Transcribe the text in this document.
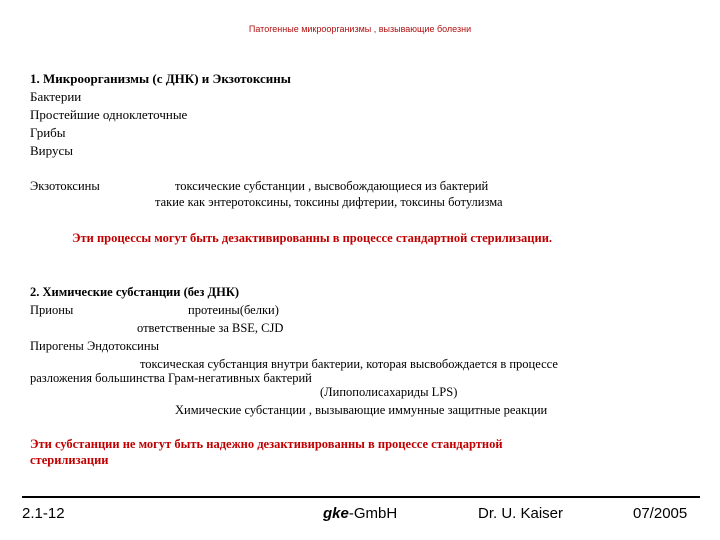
Патогенные микроорганизмы , вызывающие болезни
1. Микроорганизмы (с ДНК) и Экзотоксины
Бактерии
Простейшие одноклеточные
Грибы
Вирусы
Экзотоксины	токсические субстанции , высвобождающиеся из бактерий
такие как энтеротоксины, токсины дифтерии, токсины ботулизма
Эти процессы могут быть дезактивированны в процессе стандартной стерилизации.
2. Химические субстанции (без ДНК)
Прионы	протеины(белки)
ответственные за BSE, CJD
Пирогены Эндотоксины
токсическая субстанция внутри бактерии, которая высвобождается в процессе
разложения большинства Грам-негативных бактерий
(Липополисахариды LPS)
Химические субстанции , вызывающие иммунные защитные реакции
Эти субстанции не могут быть надежно дезактивированны в процессе стандартной
стерилизации
2.1-12	gke-GmbH	Dr. U. Kaiser	07/2005
